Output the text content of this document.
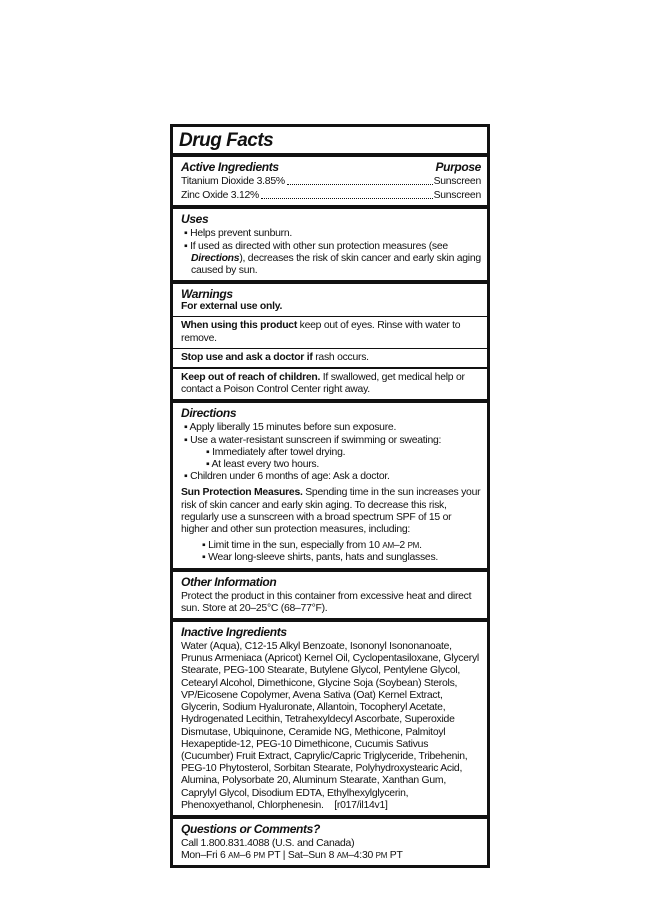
Drug Facts
Active Ingredients	Purpose
Titanium Dioxide 3.85%	Sunscreen
Zinc Oxide 3.12%	Sunscreen
Uses
▪ Helps prevent sunburn.
▪ If used as directed with other sun protection measures (see Directions), decreases the risk of skin cancer and early skin aging caused by sun.
Warnings
For external use only.
When using this product keep out of eyes. Rinse with water to remove.
Stop use and ask a doctor if rash occurs.
Keep out of reach of children. If swallowed, get medical help or contact a Poison Control Center right away.
Directions
▪ Apply liberally 15 minutes before sun exposure.
▪ Use a water-resistant sunscreen if swimming or sweating:
▪ Immediately after towel drying.
▪ At least every two hours.
▪ Children under 6 months of age: Ask a doctor.

Sun Protection Measures. Spending time in the sun increases your risk of skin cancer and early skin aging. To decrease this risk, regularly use a sunscreen with a broad spectrum SPF of 15 or higher and other sun protection measures, including:

▪ Limit time in the sun, especially from 10 AM–2 PM.
▪ Wear long-sleeve shirts, pants, hats and sunglasses.
Other Information

Protect the product in this container from excessive heat and direct sun. Store at 20–25°C (68–77°F).

Inactive Ingredients

Water (Aqua), C12-15 Alkyl Benzoate, Isononyl Isononanoate, Prunus Armeniaca (Apricot) Kernel Oil, Cyclopentasiloxane, Glyceryl Stearate, PEG-100 Stearate, Butylene Glycol, Pentylene Glycol, Cetearyl Alcohol, Dimethicone, Glycine Soja (Soybean) Sterols, VP/Eicosene Copolymer, Avena Sativa (Oat) Kernel Extract, Glycerin, Sodium Hyaluronate, Allantoin, Tocopheryl Acetate, Hydrogenated Lecithin, Tetrahexyldecyl Ascorbate, Superoxide Dismutase, Ubiquinone, Ceramide NG, Methicone, Palmitoyl Hexapeptide-12, PEG-10 Dimethicone, Cucumis Sativus (Cucumber) Fruit Extract, Caprylic/Capric Triglyceride, Tribehenin, PEG-10 Phytosterol, Sorbitan Stearate, Polyhydroxystearic Acid, Alumina, Polysorbate 20, Aluminum Stearate, Xanthan Gum, Caprylyl Glycol, Disodium EDTA, Ethylhexylglycerin, Phenoxyethanol, Chlorphenesin. [r017/il14v1]

Questions or Comments?
Call 1.800.831.4088 (U.S. and Canada)
Mon–Fri 6 AM–6 PM PT | Sat–Sun 8 AM–4:30 PM PT
